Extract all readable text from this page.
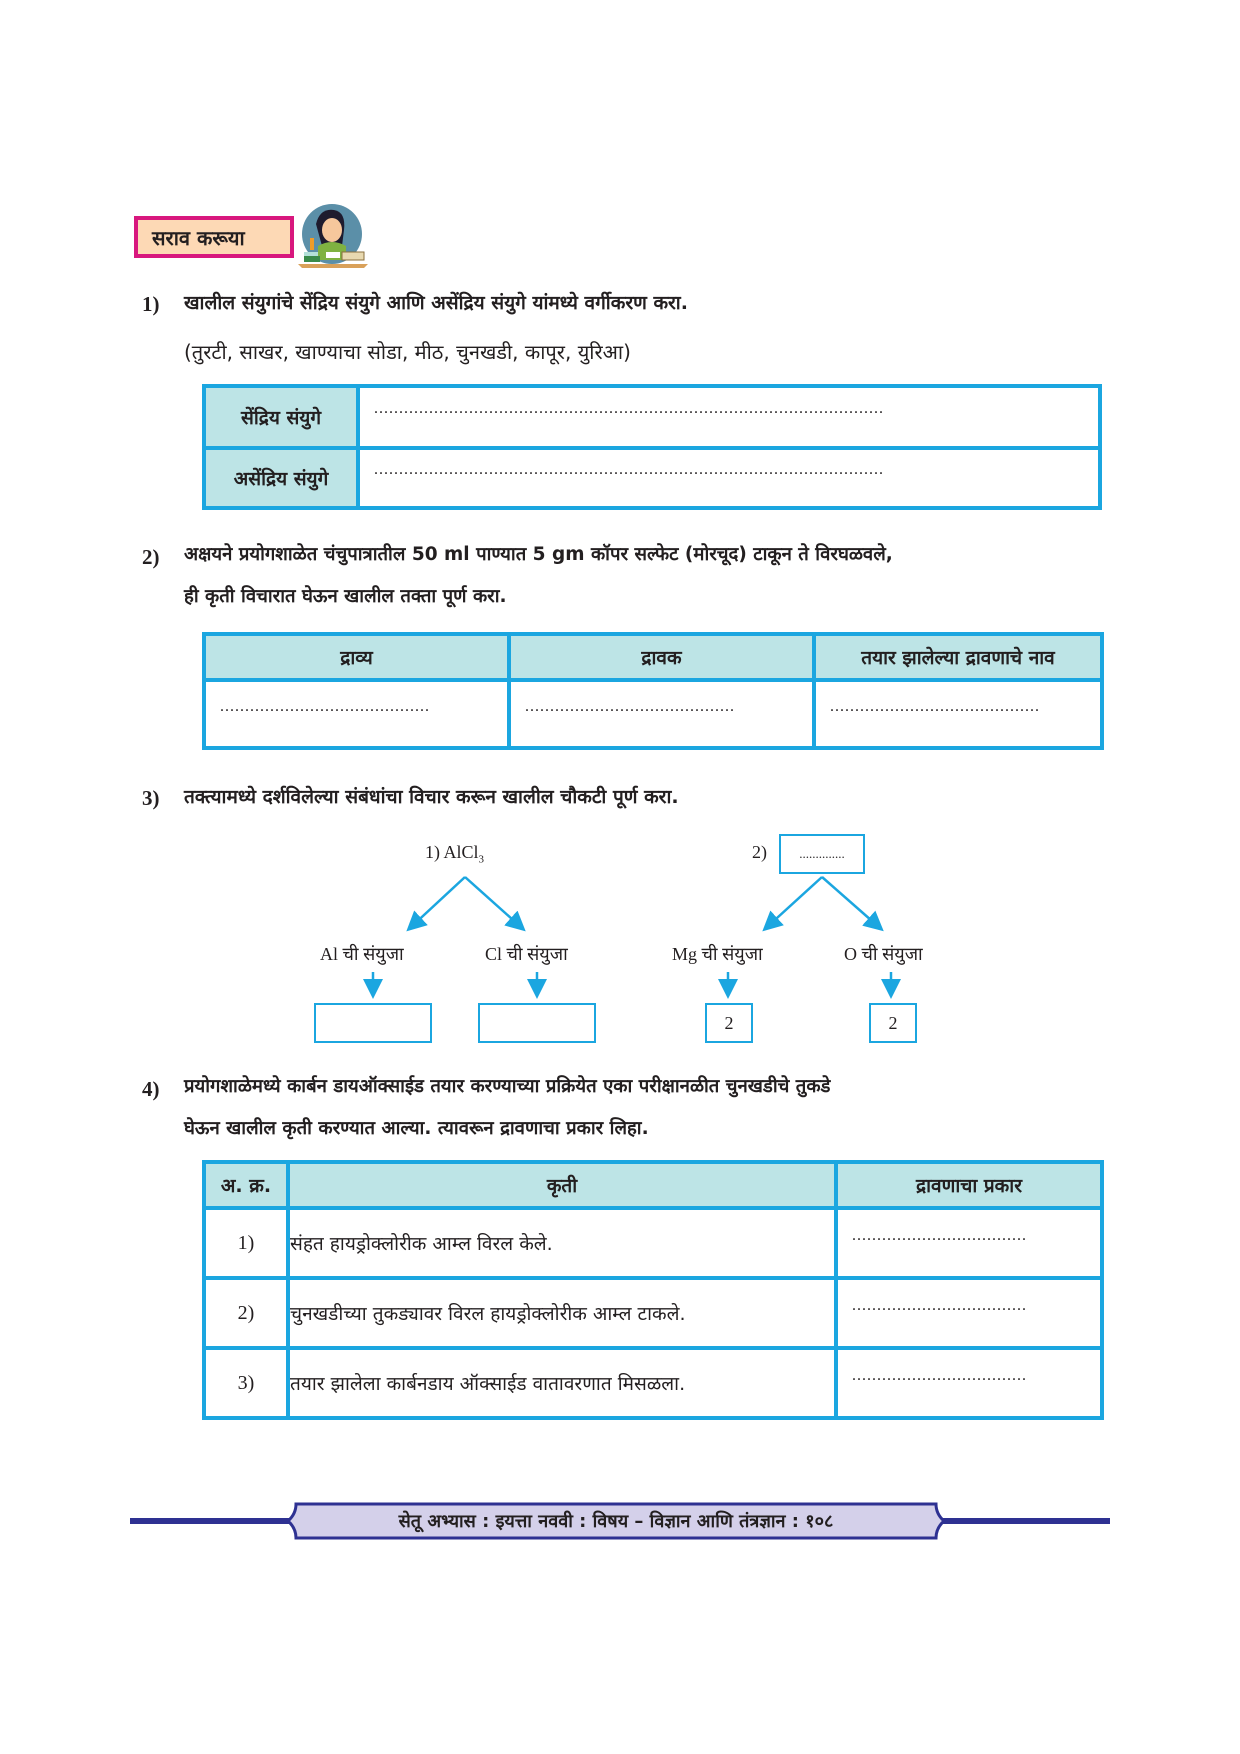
सराव करूया
1) खालील संयुगांचे सेंद्रिय संयुगे आणि असेंद्रिय संयुगे यांमध्ये वर्गीकरण करा.
(तुरटी, साखर, खाण्याचा सोडा, मीठ, चुनखडी, कापूर, युरिआ)
सेंद्रिय संयुगे	......................................................................................................

असेंद्रिय संयुगे	......................................................................................................
2) अक्षयने प्रयोगशाळेत चंचुपात्रातील 50 ml पाण्यात 5 gm कॉपर सल्फेट (मोरचूद) टाकून ते विरघळवले,
ही कृती विचारात घेऊन खालील तक्ता पूर्ण करा.
द्राव्य	द्रावक	तयार झालेल्या द्रावणाचे नाव

..........................................	..........................................	..........................................
3) तक्त्यामध्ये दर्शविलेल्या संबंधांचा विचार करून खालील चौकटी पूर्ण करा.
1) AlCl$_3$
Al ची संयुजा	Cl ची संयुजा
2)	..............
Mg ची संयुजा	O ची संयुजा
2	2
4) प्रयोगशाळेमध्ये कार्बन डायऑक्साईड तयार करण्याच्या प्रक्रियेत एका परीक्षानळीत चुनखडीचे तुकडे
घेऊन खालील कृती करण्यात आल्या. त्यावरून द्रावणाचा प्रकार लिहा.
अ. क्र.	कृती	द्रावणाचा प्रकार
1)	संहत हायड्रोक्लोरीक आम्ल विरल केले.	...................................

2)	चुनखडीच्या तुकड्यावर विरल हायड्रोक्लोरीक आम्ल टाकले.	...................................

3)	तयार झालेला कार्बनडाय ऑक्साईड वातावरणात मिसळला.	...................................
सेतू अभ्यास : इयत्ता नववी : विषय – विज्ञान आणि तंत्रज्ञान : १०८
